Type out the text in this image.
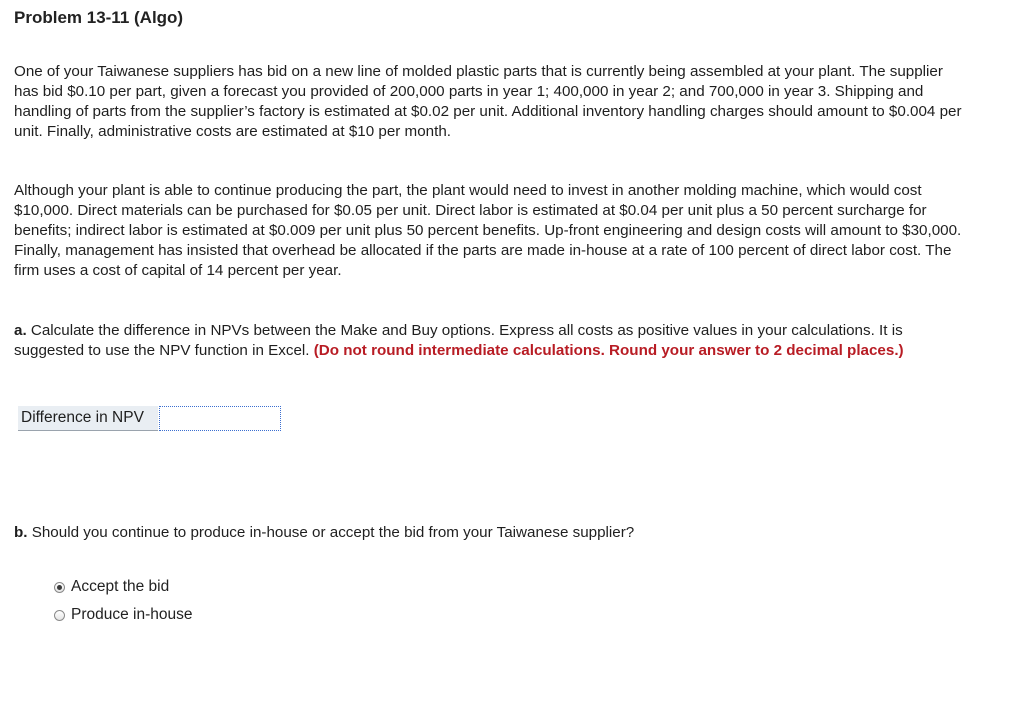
Problem 13-11 (Algo)

One of your Taiwanese suppliers has bid on a new line of molded plastic parts that is currently being assembled at your plant. The supplier has bid $0.10 per part, given a forecast you provided of 200,000 parts in year 1; 400,000 in year 2; and 700,000 in year 3. Shipping and handling of parts from the supplier’s factory is estimated at $0.02 per unit. Additional inventory handling charges should amount to $0.004 per unit. Finally, administrative costs are estimated at $10 per month.

Although your plant is able to continue producing the part, the plant would need to invest in another molding machine, which would cost $10,000. Direct materials can be purchased for $0.05 per unit. Direct labor is estimated at $0.04 per unit plus a 50 percent surcharge for benefits; indirect labor is estimated at $0.009 per unit plus 50 percent benefits. Up-front engineering and design costs will amount to $30,000. Finally, management has insisted that overhead be allocated if the parts are made in-house at a rate of 100 percent of direct labor cost. The firm uses a cost of capital of 14 percent per year.

a. Calculate the difference in NPVs between the Make and Buy options. Express all costs as positive values in your calculations. It is suggested to use the NPV function in Excel. (Do not round intermediate calculations. Round your answer to 2 decimal places.)

Difference in NPV

b. Should you continue to produce in-house or accept the bid from your Taiwanese supplier?

Accept the bid
Produce in-house
